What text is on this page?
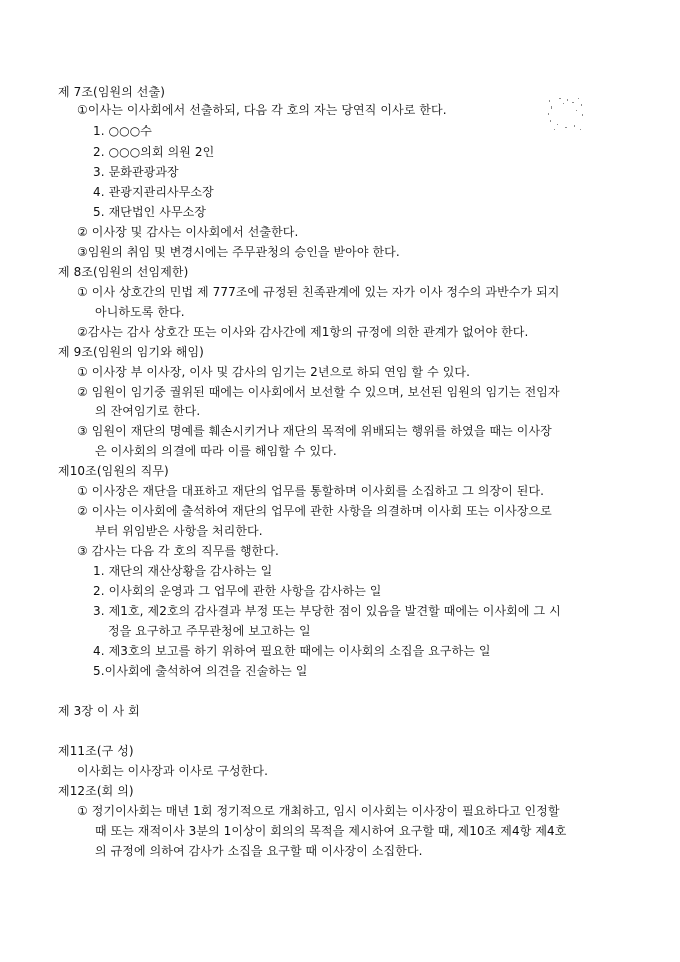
제 7조(임원의 선출)
①이사는 이사회에서 선출하되, 다음 각 호의 자는 당연직 이사로 한다.
1. ○○○수
2. ○○○의회 의원 2인
3. 문화관광과장
4. 관광지관리사무소장
5. 재단법인 사무소장
② 이사장 및 감사는 이사회에서 선출한다.
③임원의 취임 및 변경시에는 주무관청의 승인을 받아야 한다.
제 8조(임원의 선임제한)
① 이사 상호간의 민법 제 777조에 규정된 친족관계에 있는 자가 이사 정수의 과반수가 되지
아니하도록 한다.
②감사는 감사 상호간 또는 이사와 감사간에 제1항의 규정에 의한 관계가 없어야 한다.
제 9조(임원의 임기와 해임)
① 이사장 부 이사장, 이사 및 감사의 임기는 2년으로 하되 연임 할 수 있다.
② 임원이 임기중 궐위된 때에는 이사회에서 보선할 수 있으며, 보선된 임원의 임기는 전임자
의 잔여임기로 한다.
③ 임원이 재단의 명예를 훼손시키거나 재단의 목적에 위배되는 행위를 하였을 때는 이사장
은 이사회의 의결에 따라 이를 해임할 수 있다.
제10조(임원의 직무)
① 이사장은 재단을 대표하고 재단의 업무를 통할하며 이사회를 소집하고 그 의장이 된다.
② 이사는 이사회에 출석하여 재단의 업무에 관한 사항을 의결하며 이사회 또는 이사장으로
부터 위임받은 사항을 처리한다.
③ 감사는 다음 각 호의 직무를 행한다.
1. 재단의 재산상황을 감사하는 일
2. 이사회의 운영과 그 업무에 관한 사항을 감사하는 일
3. 제1호, 제2호의 감사결과 부정 또는 부당한 점이 있음을 발견할 때에는 이사회에 그 시
정을 요구하고 주무관청에 보고하는 일
4. 제3호의 보고를 하기 위하여 필요한 때에는 이사회의 소집을 요구하는 일
5.이사회에 출석하여 의견을 진술하는 일
제 3장 이 사 회
제11조(구 성)
이사회는 이사장과 이사로 구성한다.
제12조(회 의)
① 정기이사회는 매년 1회 정기적으로 개최하고, 임시 이사회는 이사장이 필요하다고 인정할
때 또는 재적이사 3분의 1이상이 회의의 목적을 제시하여 요구할 때, 제10조 제4항 제4호
의 규정에 의하여 감사가 소집을 요구할 때 이사장이 소집한다.
